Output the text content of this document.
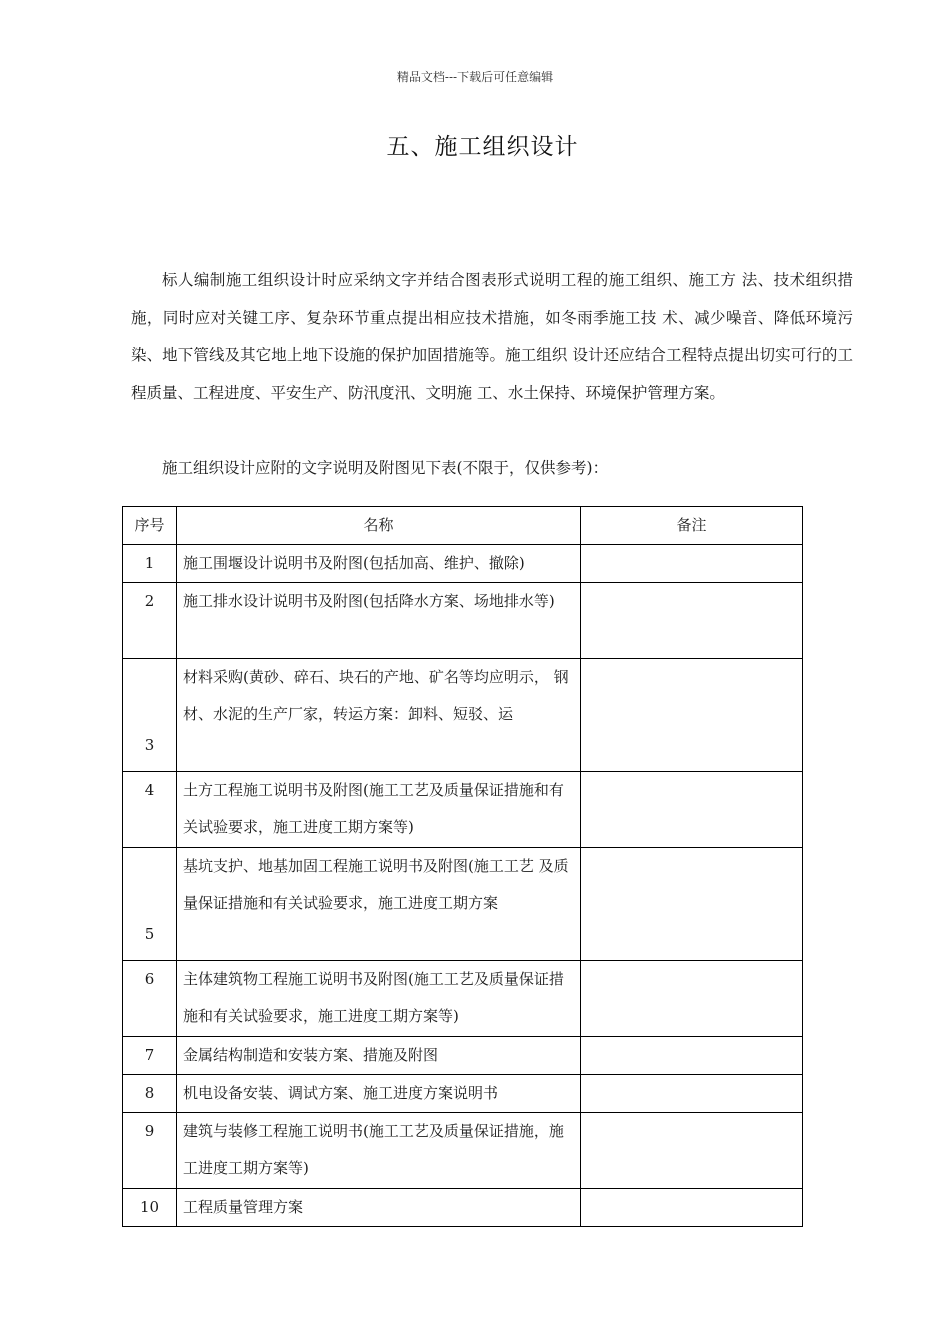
精品文档---下载后可任意编辑
五、施工组织设计
标人编制施工组织设计时应采纳文字并结合图表形式说明工程的施工组织、施工方 法、技术组织措施，同时应对关键工序、复杂环节重点提出相应技术措施，如冬雨季施工技 术、减少噪音、降低环境污染、地下管线及其它地上地下设施的保护加固措施等。施工组织 设计还应结合工程特点提出切实可行的工程质量、工程进度、平安生产、防汛度汛、文明施 工、水土保持、环境保护管理方案。
施工组织设计应附的文字说明及附图见下表(不限于，仅供参考)：
序号	名称	备注
1	施工围堰设计说明书及附图(包括加高、维护、撤除)	
2	施工排水设计说明书及附图(包括降水方案、场地排水等)	
3	材料采购(黄砂、碎石、块石的产地、矿名等均应明示， 钢材、水泥的生产厂家，转运方案：卸料、短驳、运	
4	土方工程施工说明书及附图(施工工艺及质量保证措施和有关试验要求，施工进度工期方案等)	
5	基坑支护、地基加固工程施工说明书及附图(施工工艺 及质量保证措施和有关试验要求，施工进度工期方案	
6	主体建筑物工程施工说明书及附图(施工工艺及质量保证措施和有关试验要求，施工进度工期方案等)	
7	金属结构制造和安装方案、措施及附图	
8	机电设备安装、调试方案、施工进度方案说明书	
9	建筑与装修工程施工说明书(施工工艺及质量保证措施，施工进度工期方案等)	
10	工程质量管理方案	
